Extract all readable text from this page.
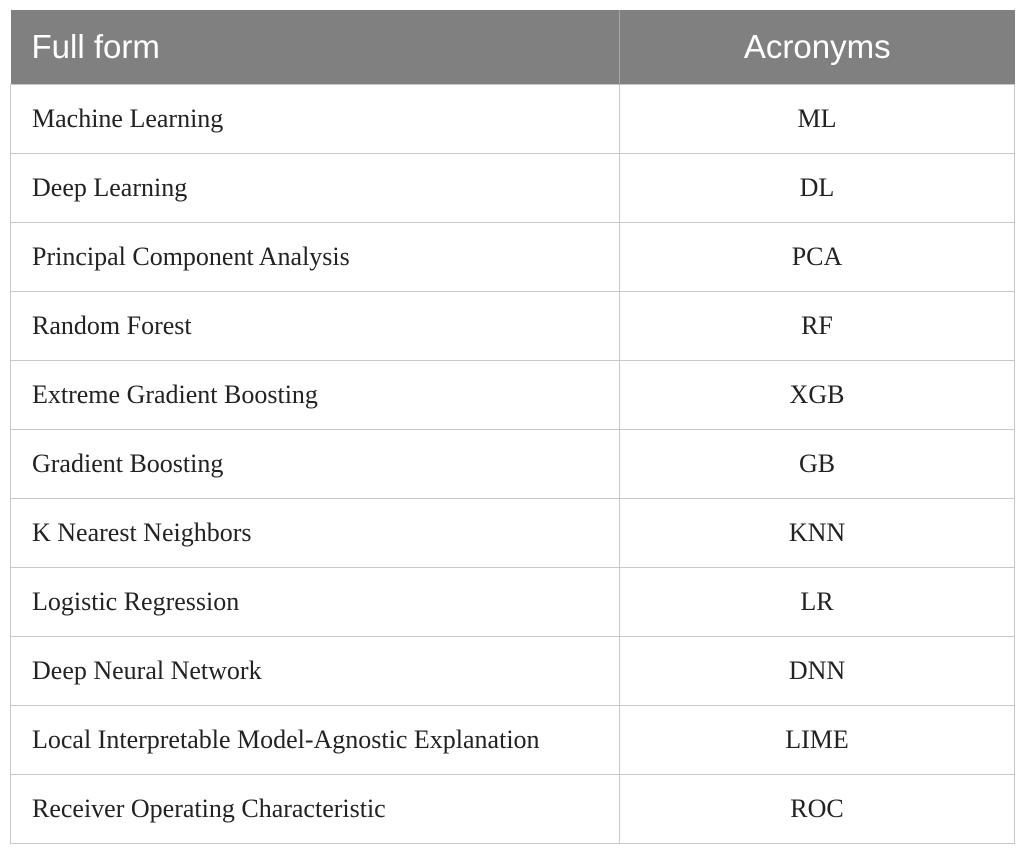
Full form	Acronyms
Machine Learning	ML
Deep Learning	DL
Principal Component Analysis	PCA
Random Forest	RF
Extreme Gradient Boosting	XGB
Gradient Boosting	GB
K Nearest Neighbors	KNN
Logistic Regression	LR
Deep Neural Network	DNN
Local Interpretable Model-Agnostic Explanation	LIME
Receiver Operating Characteristic	ROC
